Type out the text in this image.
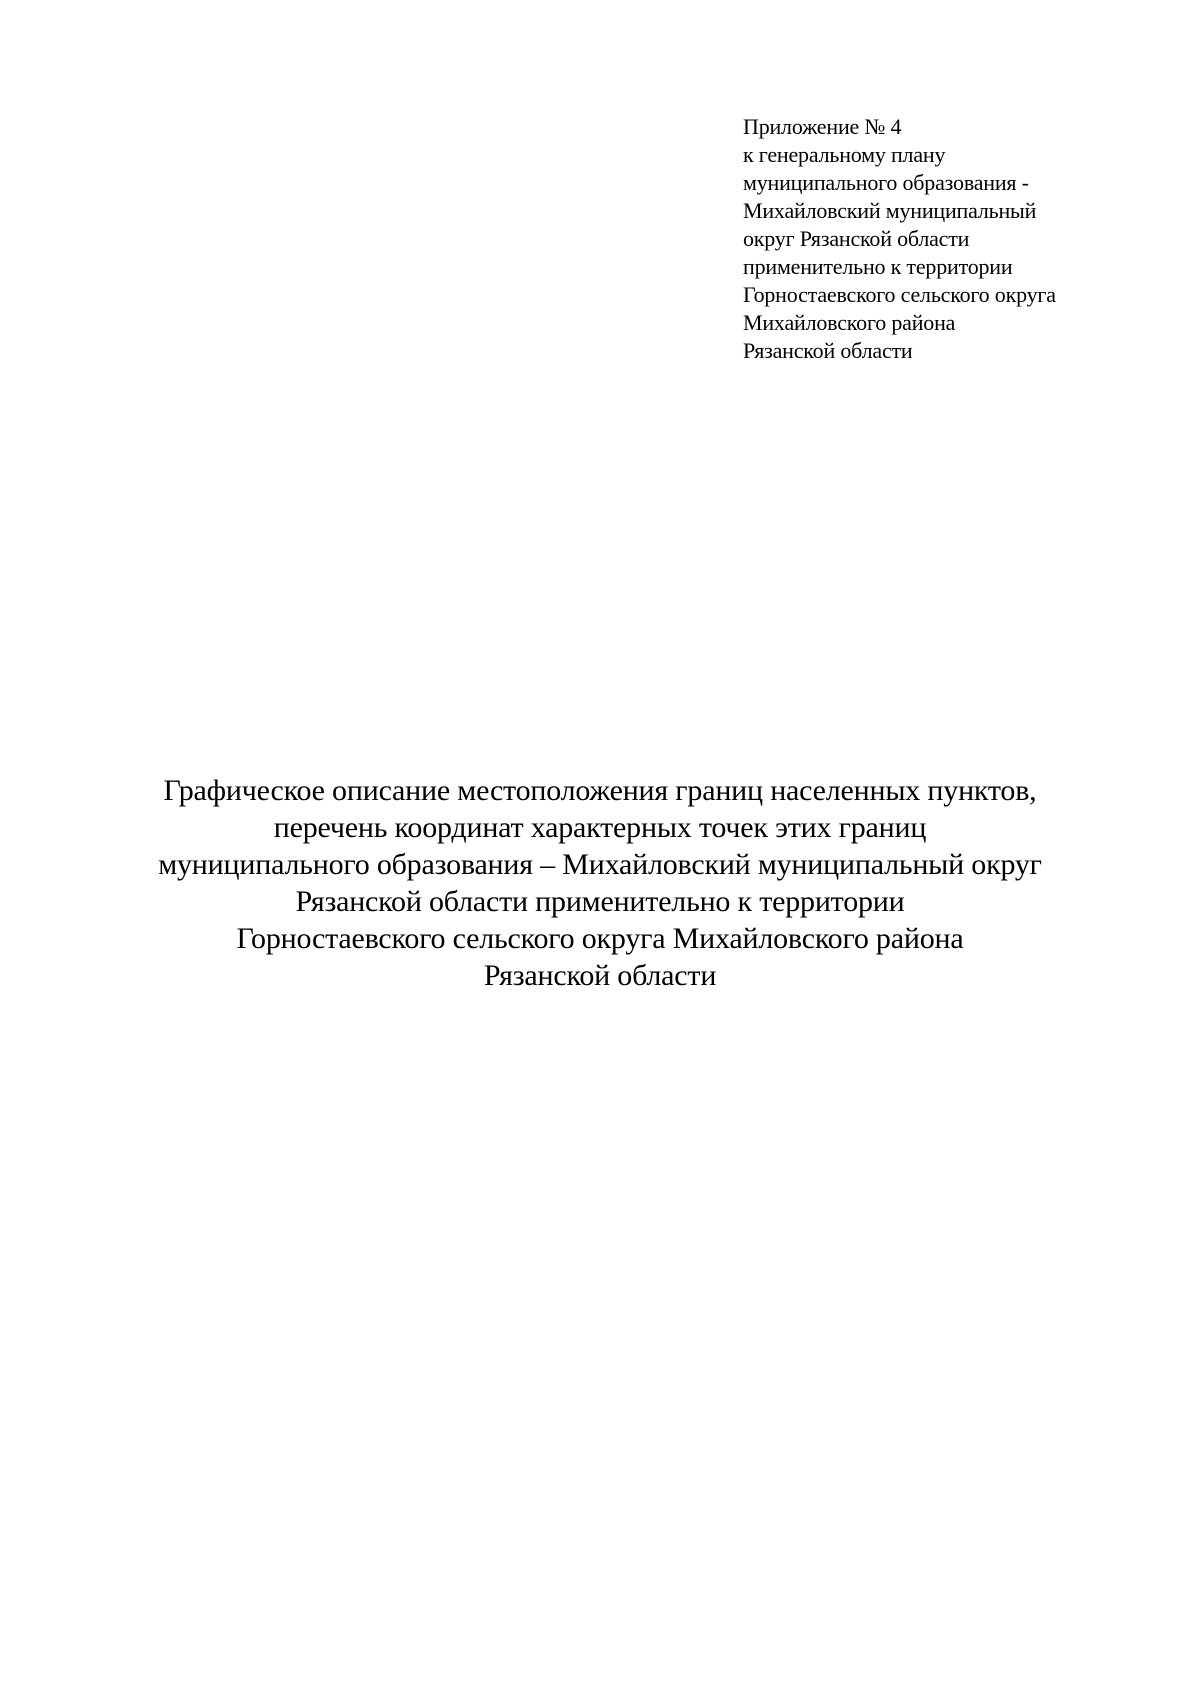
Приложение № 4
к генеральному плану
муниципального образования -
Михайловский муниципальный
округ Рязанской области
применительно к территории
Горностаевского сельского округа
Михайловского района
Рязанской области
Графическое описание местоположения границ населенных пунктов,
перечень координат характерных точек этих границ
муниципального образования – Михайловский муниципальный округ
Рязанской области применительно к территории
Горностаевского сельского округа Михайловского района
Рязанской области
